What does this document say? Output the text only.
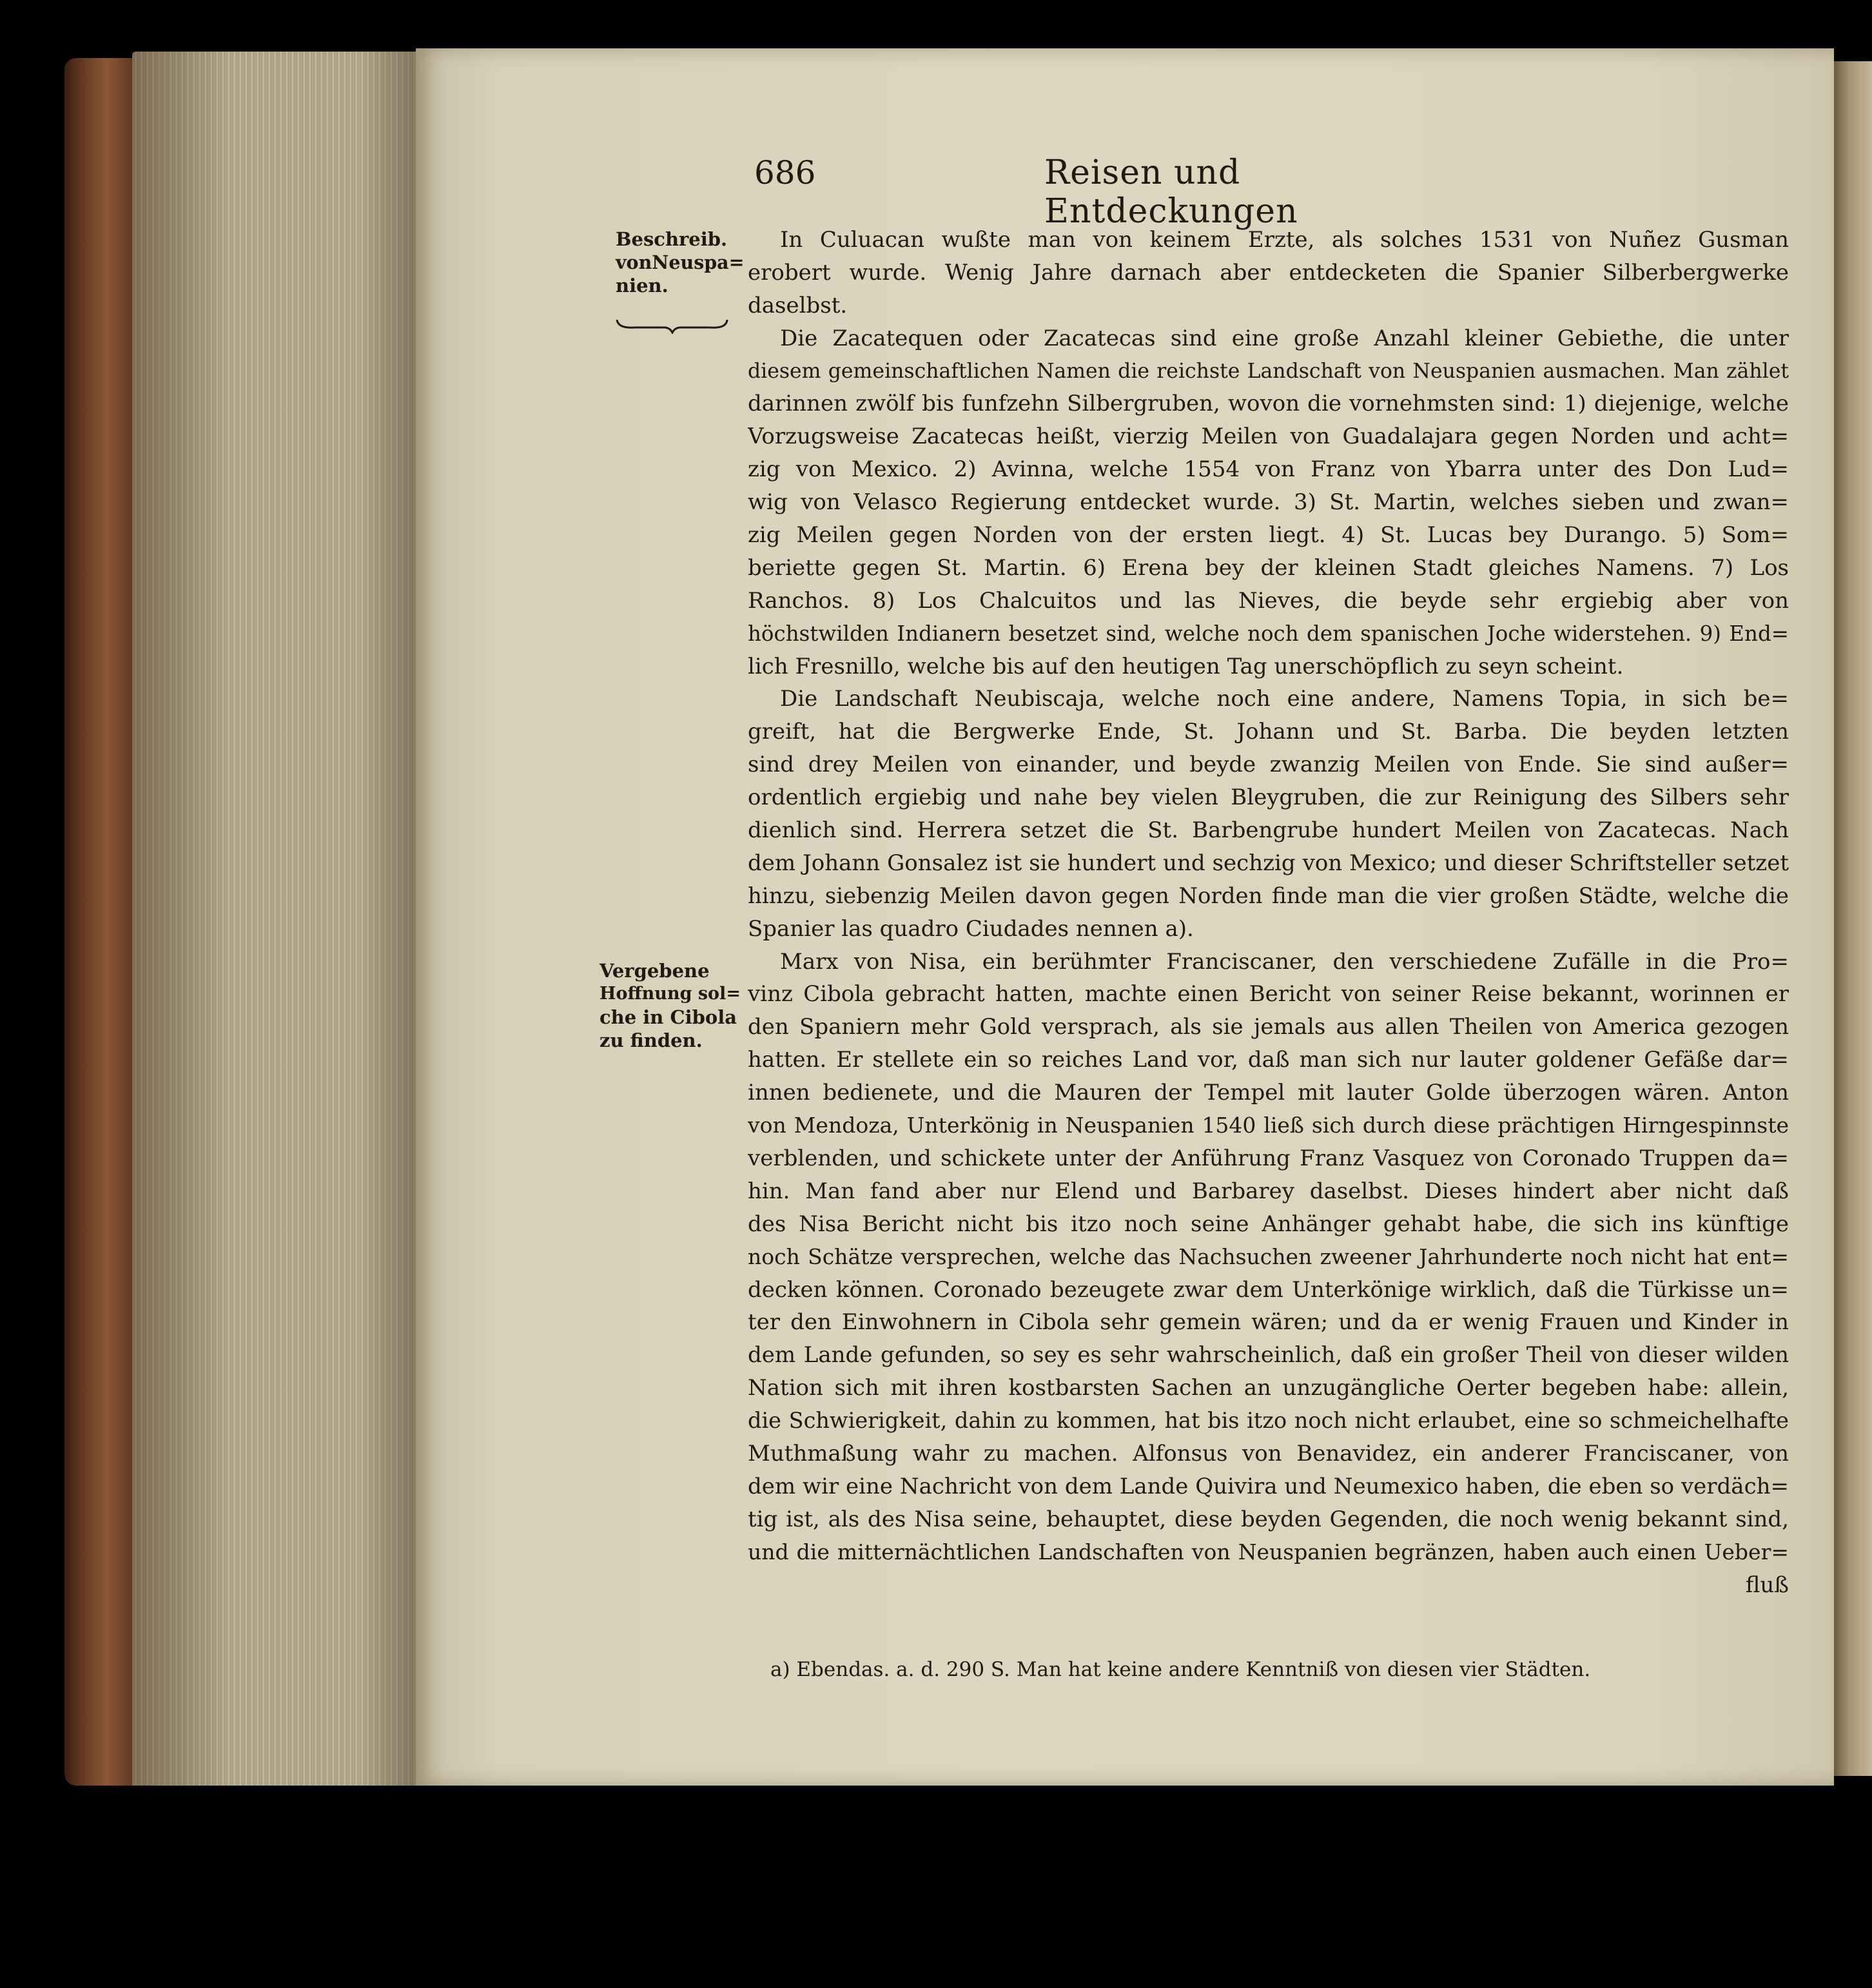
686	Reisen und Entdeckungen
Beschreib.
vonNeuspa=
nien.
Vergebene
Hoffnung sol=
che in Cibola
zu finden.
In Culuacan wußte man von keinem Erzte, als solches 1531 von Nuñez Gusman
erobert wurde. Wenig Jahre darnach aber entdecketen die Spanier Silberbergwerke
daselbst.
Die Zacatequen oder Zacatecas sind eine große Anzahl kleiner Gebiethe, die unter
diesem gemeinschaftlichen Namen die reichste Landschaft von Neuspanien ausmachen. Man zählet
darinnen zwölf bis funfzehn Silbergruben, wovon die vornehmsten sind: 1) diejenige, welche
Vorzugsweise Zacatecas heißt, vierzig Meilen von Guadalajara gegen Norden und acht=
zig von Mexico. 2) Avinna, welche 1554 von Franz von Ybarra unter des Don Lud=
wig von Velasco Regierung entdecket wurde. 3) St. Martin, welches sieben und zwan=
zig Meilen gegen Norden von der ersten liegt. 4) St. Lucas bey Durango. 5) Som=
beriette gegen St. Martin. 6) Erena bey der kleinen Stadt gleiches Namens. 7) Los
Ranchos. 8) Los Chalcuitos und las Nieves, die beyde sehr ergiebig aber von
höchstwilden Indianern besetzet sind, welche noch dem spanischen Joche widerstehen. 9) End=
lich Fresnillo, welche bis auf den heutigen Tag unerschöpflich zu seyn scheint.
Die Landschaft Neubiscaja, welche noch eine andere, Namens Topia, in sich be=
greift, hat die Bergwerke Ende, St. Johann und St. Barba. Die beyden letzten
sind drey Meilen von einander, und beyde zwanzig Meilen von Ende. Sie sind außer=
ordentlich ergiebig und nahe bey vielen Bleygruben, die zur Reinigung des Silbers sehr
dienlich sind. Herrera setzet die St. Barbengrube hundert Meilen von Zacatecas. Nach
dem Johann Gonsalez ist sie hundert und sechzig von Mexico; und dieser Schriftsteller setzet
hinzu, siebenzig Meilen davon gegen Norden finde man die vier großen Städte, welche die
Spanier las quadro Ciudades nennen a).
Marx von Nisa, ein berühmter Franciscaner, den verschiedene Zufälle in die Pro=
vinz Cibola gebracht hatten, machte einen Bericht von seiner Reise bekannt, worinnen er
den Spaniern mehr Gold versprach, als sie jemals aus allen Theilen von America gezogen
hatten. Er stellete ein so reiches Land vor, daß man sich nur lauter goldener Gefäße dar=
innen bedienete, und die Mauren der Tempel mit lauter Golde überzogen wären. Anton
von Mendoza, Unterkönig in Neuspanien 1540 ließ sich durch diese prächtigen Hirngespinnste
verblenden, und schickete unter der Anführung Franz Vasquez von Coronado Truppen da=
hin. Man fand aber nur Elend und Barbarey daselbst. Dieses hindert aber nicht daß
des Nisa Bericht nicht bis itzo noch seine Anhänger gehabt habe, die sich ins künftige
noch Schätze versprechen, welche das Nachsuchen zweener Jahrhunderte noch nicht hat ent=
decken können. Coronado bezeugete zwar dem Unterkönige wirklich, daß die Türkisse un=
ter den Einwohnern in Cibola sehr gemein wären; und da er wenig Frauen und Kinder in
dem Lande gefunden, so sey es sehr wahrscheinlich, daß ein großer Theil von dieser wilden
Nation sich mit ihren kostbarsten Sachen an unzugängliche Oerter begeben habe: allein,
die Schwierigkeit, dahin zu kommen, hat bis itzo noch nicht erlaubet, eine so schmeichelhafte
Muthmaßung wahr zu machen. Alfonsus von Benavidez, ein anderer Franciscaner, von
dem wir eine Nachricht von dem Lande Quivira und Neumexico haben, die eben so verdäch=
tig ist, als des Nisa seine, behauptet, diese beyden Gegenden, die noch wenig bekannt sind,
und die mitternächtlichen Landschaften von Neuspanien begränzen, haben auch einen Ueber=
fluß
a) Ebendas. a. d. 290 S. Man hat keine andere Kenntniß von diesen vier Städten.
